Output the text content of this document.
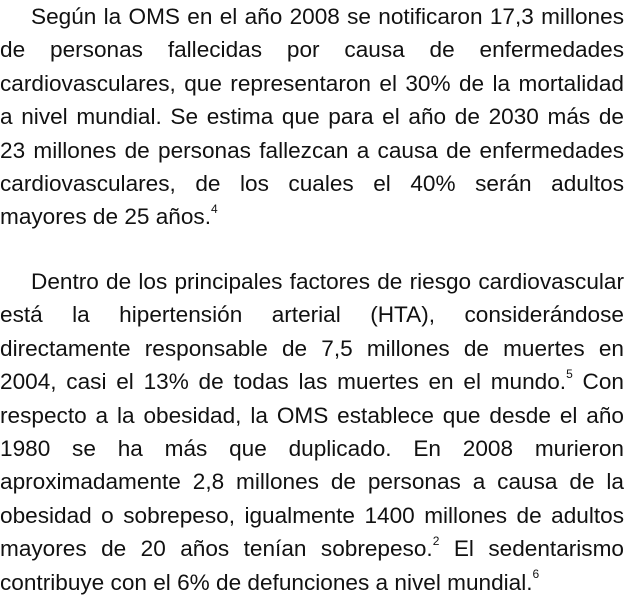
Según la OMS en el año 2008 se notificaron 17,3 millones de personas fallecidas por causa de enfermedades cardiovasculares, que representaron el 30% de la mortalidad a nivel mundial. Se estima que para el año de 2030 más de 23 millones de personas fallezcan a causa de enfermedades cardiovasculares, de los cuales el 40% serán adultos mayores de 25 años.$^4$

Dentro de los principales factores de riesgo cardiovascular está la hipertensión arterial (HTA), considerándose directamente responsable de 7,5 millones de muertes en 2004, casi el 13% de todas las muertes en el mundo.$^5$ Con respecto a la obesidad, la OMS establece que desde el año 1980 se ha más que duplicado. En 2008 murieron aproximadamente 2,8 millones de personas a causa de la obesidad o sobrepeso, igualmente 1400 millones de adultos mayores de 20 años tenían sobrepeso.$^2$ El sedentarismo contribuye con el 6% de defunciones a nivel mundial.$^6$
